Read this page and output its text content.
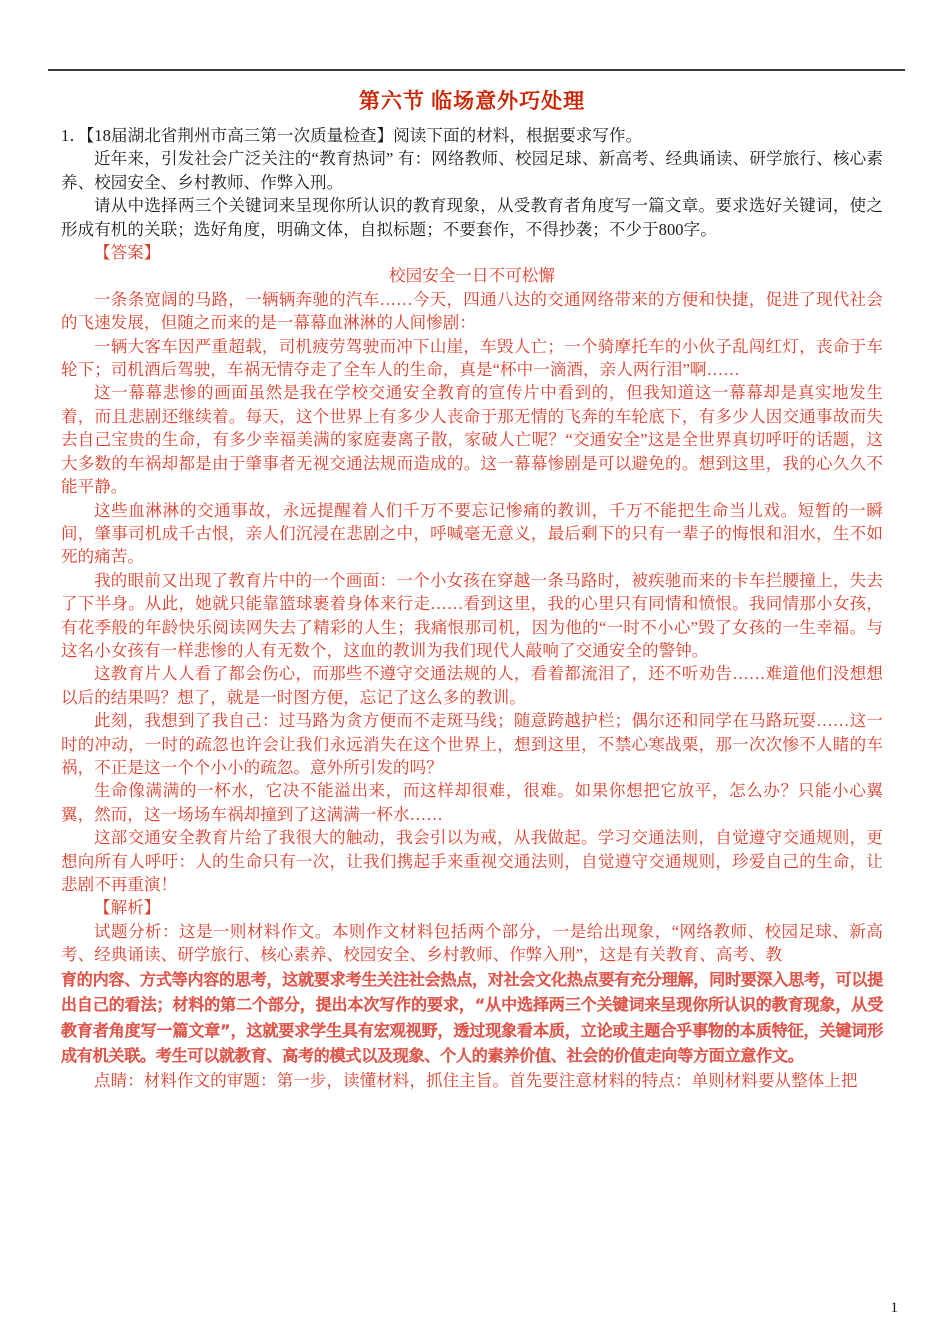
第六节 临场意外巧处理

1．【18届湖北省荆州市高三第一次质量检查】阅读下面的材料，根据要求写作。

近年来，引发社会广泛关注的“教育热词” 有：网络教师、校园足球、新高考、经典诵读、研学旅行、核心素养、校园安全、乡村教师、作弊入刑。

请从中选择两三个关键词来呈现你所认识的教育现象，从受教育者角度写一篇文章。要求选好关键词，使之形成有机的关联；选好角度，明确文体，自拟标题；不要套作，不得抄袭；不少于800字。

【答案】

校园安全一日不可松懈

一条条宽阔的马路，一辆辆奔驰的汽车……今天，四通八达的交通网络带来的方便和快捷，促进了现代社会的飞速发展，但随之而来的是一幕幕血淋淋的人间惨剧：

一辆大客车因严重超载，司机疲劳驾驶而冲下山崖，车毁人亡；一个骑摩托车的小伙子乱闯红灯，丧命于车轮下；司机酒后驾驶，车祸无情夺走了全车人的生命，真是“杯中一滴酒，亲人两行泪”啊……

这一幕幕悲惨的画面虽然是我在学校交通安全教育的宣传片中看到的，但我知道这一幕幕却是真实地发生着，而且悲剧还继续着。每天，这个世界上有多少人丧命于那无情的飞奔的车轮底下，有多少人因交通事故而失去自己宝贵的生命，有多少幸福美满的家庭妻离子散，家破人亡呢？“交通安全”这是全世界真切呼吁的话题，这大多数的车祸却都是由于肇事者无视交通法规而造成的。这一幕幕惨剧是可以避免的。想到这里，我的心久久不能平静。

这些血淋淋的交通事故，永远提醒着人们千万不要忘记惨痛的教训，千万不能把生命当儿戏。短暂的一瞬间，肇事司机成千古恨，亲人们沉浸在悲剧之中，呼喊毫无意义，最后剩下的只有一辈子的悔恨和泪水，生不如死的痛苦。

我的眼前又出现了教育片中的一个画面：一个小女孩在穿越一条马路时，被疾驰而来的卡车拦腰撞上，失去了下半身。从此，她就只能靠篮球裹着身体来行走……看到这里，我的心里只有同情和愤恨。我同情那小女孩，有花季般的年龄快乐阅读网失去了精彩的人生；我痛恨那司机，因为他的“一时不小心”毁了女孩的一生幸福。与这名小女孩有一样悲惨的人有无数个，这血的教训为我们现代人敲响了交通安全的警钟。

这教育片人人看了都会伤心，而那些不遵守交通法规的人，看着都流泪了，还不听劝告……难道他们没想想以后的结果吗？想了，就是一时图方便，忘记了这么多的教训。

此刻，我想到了我自己：过马路为贪方便而不走斑马线；随意跨越护栏；偶尔还和同学在马路玩耍……这一时的冲动，一时的疏忽也许会让我们永远消失在这个世界上，想到这里，不禁心寒战栗，那一次次惨不人睹的车祸，不正是这一个个小小的疏忽。意外所引发的吗？

生命像满满的一杯水，它决不能溢出来，而这样却很难，很难。如果你想把它放平，怎么办？只能小心翼翼，然而，这一场场车祸却撞到了这满满一杯水……

这部交通安全教育片给了我很大的触动，我会引以为戒，从我做起。学习交通法则，自觉遵守交通规则，更想向所有人呼吁：人的生命只有一次，让我们携起手来重视交通法则，自觉遵守交通规则，珍爱自己的生命，让悲剧不再重演！

【解析】

试题分析：这是一则材料作文。本则作文材料包括两个部分，一是给出现象，“网络教师、校园足球、新高考、经典诵读、研学旅行、核心素养、校园安全、乡村教师、作弊入刑”，这是有关教育、高考、教

育的内容、方式等内容的思考，这就要求考生关注社会热点，对社会文化热点要有充分理解，同时要深入思考，可以提出自己的看法；材料的第二个部分，提出本次写作的要求，“从中选择两三个关键词来呈现你所认识的教育现象，从受教育者角度写一篇文章”，这就要求学生具有宏观视野，透过现象看本质，立论或主题合乎事物的本质特征，关键词形成有机关联。考生可以就教育、高考的模式以及现象、个人的素养价值、社会的价值走向等方面立意作文。

点睛：材料作文的审题：第一步，读懂材料，抓住主旨。首先要注意材料的特点：单则材料要从整体上把

1
